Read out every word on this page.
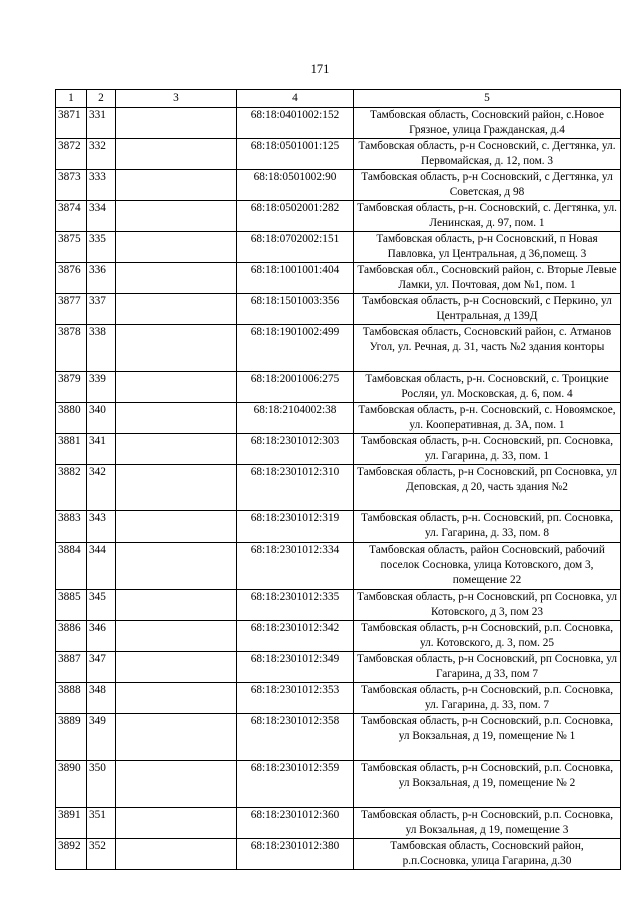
171
1	2	3	4	5
3871	331		68:18:0401002:152	Тамбовская область, Сосновский район, с.Новое Грязное, улица Гражданская, д.4
3872	332		68:18:0501001:125	Тамбовская область, р-н Сосновский, с. Дегтянка, ул. Первомайская, д. 12, пом. 3
3873	333		68:18:0501002:90	Тамбовская область, р-н Сосновский, с Дегтянка, ул Советская, д 98
3874	334		68:18:0502001:282	Тамбовская область, р-н. Сосновский, с. Дегтянка, ул. Ленинская, д. 97, пом. 1
3875	335		68:18:0702002:151	Тамбовская область, р-н Сосновский, п Новая Павловка, ул Центральная, д 36,помещ. 3
3876	336		68:18:1001001:404	Тамбовская обл., Сосновский район, с. Вторые Левые Ламки, ул. Почтовая, дом №1, пом. 1
3877	337		68:18:1501003:356	Тамбовская область, р-н Сосновский, с Перкино, ул Центральная, д 139Д
3878	338		68:18:1901002:499	Тамбовская область, Сосновский район, с. Атманов Угол, ул. Речная, д. 31, часть №2 здания конторы
3879	339		68:18:2001006:275	Тамбовская область, р-н. Сосновский, с. Троицкие Росляи, ул. Московская, д. 6, пом. 4
3880	340		68:18:2104002:38	Тамбовская область, р-н. Сосновский, с. Новоямское, ул. Кооперативная, д. 3А, пом. 1
3881	341		68:18:2301012:303	Тамбовская область, р-н. Сосновский, рп. Сосновка, ул. Гагарина, д. 33, пом. 1
3882	342		68:18:2301012:310	Тамбовская область, р-н Сосновский, рп Сосновка, ул Деповская, д 20, часть здания №2
3883	343		68:18:2301012:319	Тамбовская область, р-н. Сосновский, рп. Сосновка, ул. Гагарина, д. 33, пом. 8
3884	344		68:18:2301012:334	Тамбовская область, район Сосновский, рабочий поселок Сосновка, улица Котовского, дом 3, помещение 22
3885	345		68:18:2301012:335	Тамбовская область, р-н Сосновский, рп Сосновка, ул Котовского, д 3, пом 23
3886	346		68:18:2301012:342	Тамбовская область, р-н Сосновский, р.п. Сосновка, ул. Котовского, д. 3, пом. 25
3887	347		68:18:2301012:349	Тамбовская область, р-н Сосновский, рп Сосновка, ул Гагарина, д 33, пом 7
3888	348		68:18:2301012:353	Тамбовская область, р-н Сосновский, р.п. Сосновка, ул. Гагарина, д. 33, пом. 7
3889	349		68:18:2301012:358	Тамбовская область, р-н Сосновский, р.п. Сосновка, ул Вокзальная, д 19, помещение № 1
3890	350		68:18:2301012:359	Тамбовская область, р-н Сосновский, р.п. Сосновка, ул Вокзальная, д 19, помещение № 2
3891	351		68:18:2301012:360	Тамбовская область, р-н Сосновский, р.п. Сосновка, ул Вокзальная, д 19, помещение 3
3892	352		68:18:2301012:380	Тамбовская область, Сосновский район, р.п.Сосновка, улица Гагарина, д.30
